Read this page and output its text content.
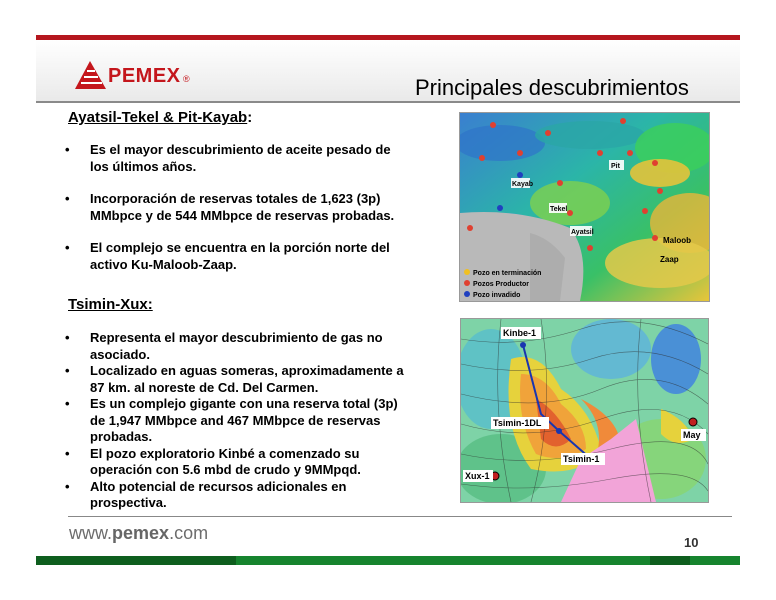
PEMEX ®	Principales descubrimientos
Ayatsil-Tekel & Pit-Kayab:
• Es el mayor descubrimiento de aceite pesado de los últimos años.
• Incorporación de reservas totales de 1,623 (3p) MMbpce y de 544 MMbpce de reservas probadas.
• El complejo se encuentra en la porción norte del activo Ku-Maloob-Zaap.
Tsimin-Xux:
• Representa el mayor descubrimiento de gas no asociado.
• Localizado en aguas someras, aproximadamente a 87 km. al noreste de Cd. Del Carmen.
• Es un complejo gigante con una reserva total (3p) de 1,947 MMbpce and 467 MMbpce de reservas probadas.
• El pozo exploratorio Kinbé a comenzado su operación con 5.6 mbd de crudo y 9MMpqd.
• Alto potencial de recursos adicionales en prospectiva.
Pit
Kayab
Tekel
Ayatsil
Maloob
Zaap
Pozo en terminación
Pozos Productor
Pozo invadido
Kinbe-1
Tsimin-1DL
Tsimin-1
Xux-1
May
www.pemex.com	10
